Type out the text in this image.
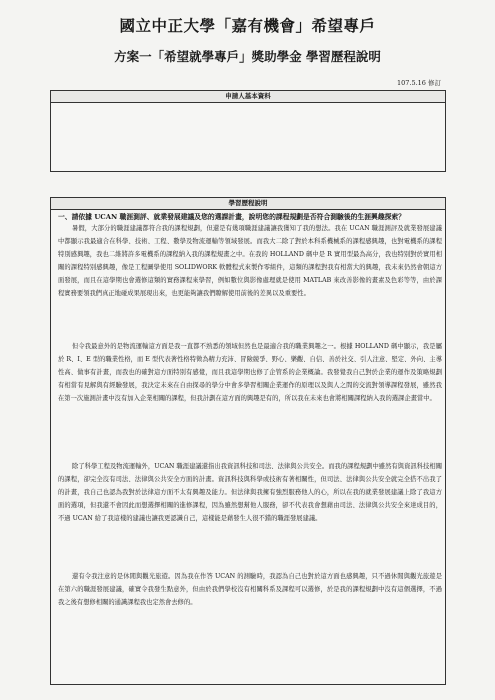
國立中正大學「嘉有機會」希望專戶
方案一「希望就學專戶」獎助學金 學習歷程說明
107.5.16 修訂
申請人基本資料
學習歷程說明
一、請依據 UCAN 職涯測評、就業發展建議及您的選課計畫，說明您的課程規劃是否符合測驗後的生涯興趣探索？
暑假，大部分的職涯建議都符合我的課程規劃，但還是有幾項職涯建議讓我獲知了我的想法。我在 UCAN 職涯測評及就業發展建議中都顯示我最適合在科學、技術、工程、數學及物流運輸等領域發展。而我大二除了對於本科系機械系的課程感興趣，也對電機系的課程特別感興趣，我也二維將許多電機系的課程納入我的課程規畫之中。在我的 HOLLAND 碼中是 R 實用型最為高分，我也特別對於實用相關的課程特別感興趣，像是工程圖學使用 SOLIDWORK 軟體程式來製作零組件，這類的課程對我有相當大的興趣，我未來仍然會朝這方面發展，而且在這學期也會選修這類的實務課程來學習，例如數位與影像處理就是使用 MATLAB 來改善影像的畫素及色彩等等，由於課程實務要領我們真正地碰成果展現出來，也更能夠讓我們瞭解使用前後的差異以及重要性。
但令我最意外的是物流運輸這方面是我一直都不熟悉的領域但然也是最適合我的職業興趣之一。根據 HOLLAND 碼中顯示，我是屬於 R、I、E 型的職業性格，而 E 型代表著性格特徵為精力充沛、冒險競爭、野心、樂觀、自信、善於社交、引人注意、堅定、外向、主導性高、做事有計畫，而我也的確對這方面特別有感覺，而且我這學期也修了企管系的企業概論。我發覺我自己對於企業的運作及策略規劃有相當有見解與有經驗發展，我決定未來在自由探尋的學分中會多學習相關企業運作的原理以及與人之間的交流對領導課程發展，雖然我在第一次施測計畫中沒有加入企業相關的課程，但我計劃在這方面的興趣是有的，所以我在未來也會將相關課程納入我的選課企畫當中。
除了科學工程及物流運輸外，UCAN 職涯建議還指出我資訊科技和司法、法律與公共安全。而我的課程規劃中雖然有與資訊科技相關的課程，卻完全沒有司法、法律與公共安全方面的計畫。資訊科技與科學或技術有著相關性，但司法、法律與公共安全就完全搭不出我了的計畫，我自己也認為我對於法律這方面不太有興趣及能力。但法律與我擁有強烈服務他人的心，所以在我的就業發展建議上除了我這方面的選項，但我還不會因此而想選擇相關的進修課程，因為雖然想幫他人服務，卻不代表我會想藉由司法、法律與公共安全來達成目的，不過 UCAN 給了我這樣的建議也讓我更認識自己，這樣能是藉發生人很不錯的職涯發展建議。
還有令我注意的是休閒與觀光旅遊。因為我在作答 UCAN 的測驗時，我認為自己也對於這方面也感興趣，只不過休閒與觀光旅遊是在第六的職涯發展建議，確實令我發生點意外，但由於我們學校沒有相關科系及課程可以選修，於是我的課程規劃中沒有這個選擇，不過我之後有想修相關的通識課程我也定然會去修的。
